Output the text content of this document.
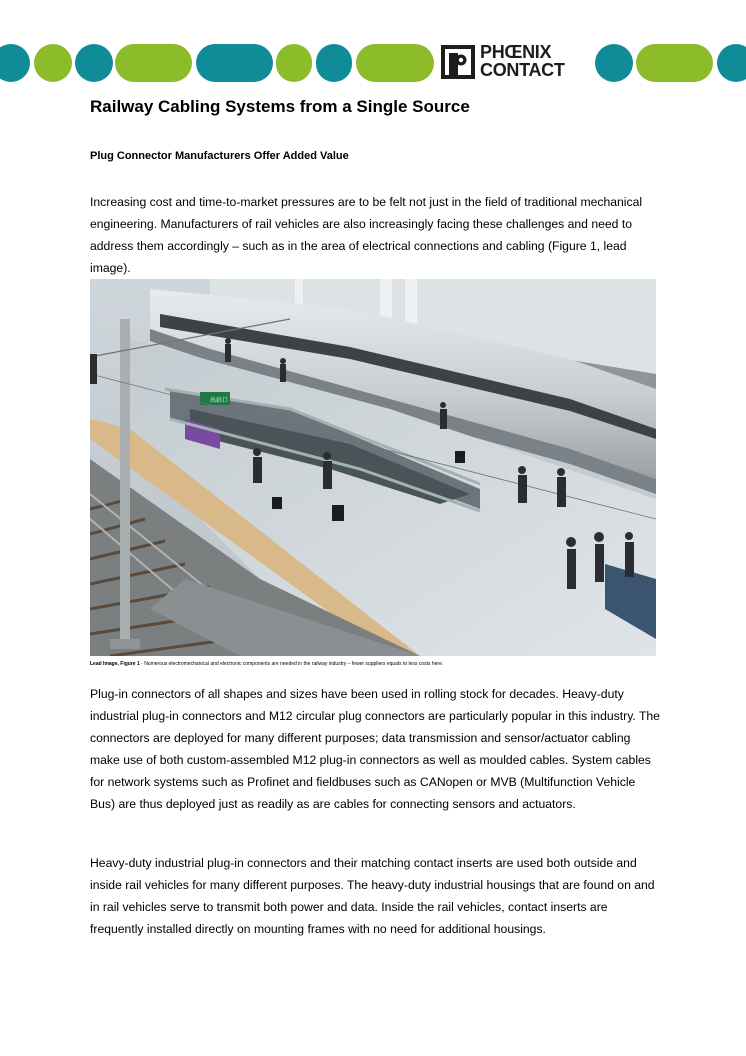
PHŒNIX
CONTACT
Railway Cabling Systems from a Single Source
Plug Connector Manufacturers Offer Added Value

Increasing cost and time-to-market pressures are to be felt not just in the field of traditional mechanical engineering. Manufacturers of rail vehicles are also increasingly facing these challenges and need to address them accordingly – such as in the area of electrical connections and cabling (Figure 1, lead image).

出站口
Lead Image, Figure 1 - Numerous electromechanical and electronic components are needed in the railway industry – fewer suppliers equals to less costs here.

Plug-in connectors of all shapes and sizes have been used in rolling stock for decades. Heavy-duty industrial plug-in connectors and M12 circular plug connectors are particularly popular in this industry. The connectors are deployed for many different purposes; data transmission and sensor/actuator cabling make use of both custom-assembled M12 plug-in connectors as well as moulded cables. System cables for network systems such as Profinet and fieldbuses such as CANopen or MVB (Multifunction Vehicle Bus) are thus deployed just as readily as are cables for connecting sensors and actuators.

Heavy-duty industrial plug-in connectors and their matching contact inserts are used both outside and inside rail vehicles for many different purposes. The heavy-duty industrial housings that are found on and in rail vehicles serve to transmit both power and data. Inside the rail vehicles, contact inserts are frequently installed directly on mounting frames with no need for additional housings.
